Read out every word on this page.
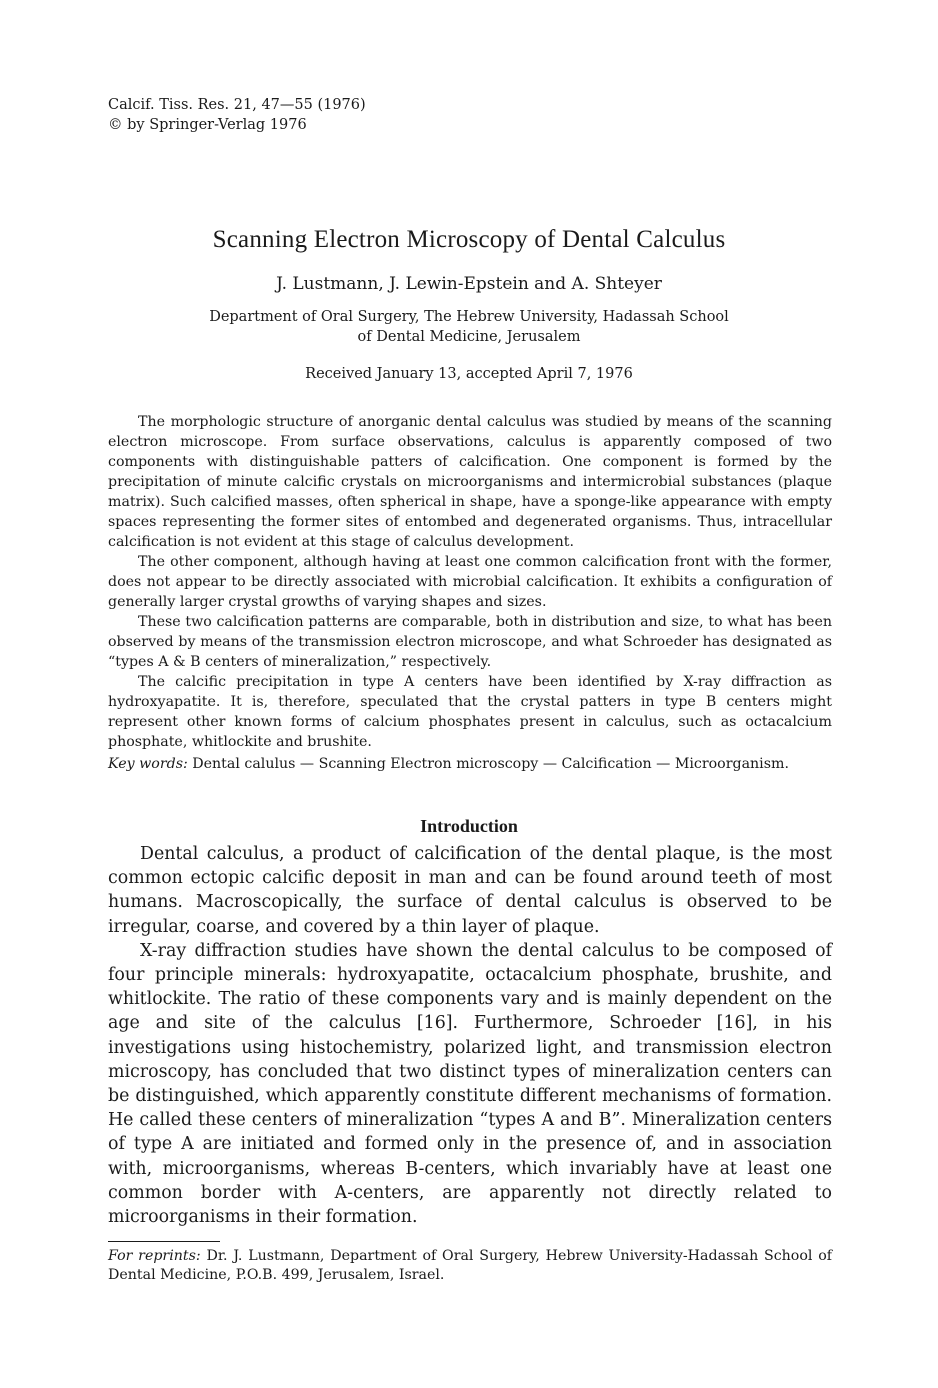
Calcif. Tiss. Res. 21, 47—55 (1976)
© by Springer-Verlag 1976
Scanning Electron Microscopy of Dental Calculus
J. Lustmann, J. Lewin-Epstein and A. Shteyer
Department of Oral Surgery, The Hebrew University, Hadassah School
of Dental Medicine, Jerusalem
Received January 13, accepted April 7, 1976

The morphologic structure of anorganic dental calculus was studied by means of the scanning electron microscope. From surface observations, calculus is apparently composed of two components with distinguishable patters of calcification. One component is formed by the precipitation of minute calcific crystals on microorganisms and intermicrobial substances (plaque matrix). Such calcified masses, often spherical in shape, have a sponge-like appearance with empty spaces representing the former sites of entombed and degenerated organisms. Thus, intracellular calcification is not evident at this stage of calculus development.

The other component, although having at least one common calcification front with the former, does not appear to be directly associated with microbial calcification. It exhibits a configuration of generally larger crystal growths of varying shapes and sizes.

These two calcification patterns are comparable, both in distribution and size, to what has been observed by means of the transmission electron microscope, and what Schroeder has designated as “types A & B centers of mineralization,” respectively.

The calcific precipitation in type A centers have been identified by X-ray diffraction as hydroxyapatite. It is, therefore, speculated that the crystal patters in type B centers might represent other known forms of calcium phosphates present in calculus, such as octacalcium phosphate, whitlockite and brushite.

Key words: Dental calulus — Scanning Electron microscopy — Calcification — Microorganism.
Introduction

Dental calculus, a product of calcification of the dental plaque, is the most common ectopic calcific deposit in man and can be found around teeth of most humans. Macroscopically, the surface of dental calculus is observed to be irregular, coarse, and covered by a thin layer of plaque.

X-ray diffraction studies have shown the dental calculus to be composed of four principle minerals: hydroxyapatite, octacalcium phosphate, brushite, and whitlockite. The ratio of these components vary and is mainly dependent on the age and site of the calculus [16]. Furthermore, Schroeder [16], in his investigations using histochemistry, polarized light, and transmission electron microscopy, has concluded that two distinct types of mineralization centers can be distinguished, which apparently constitute different mechanisms of formation. He called these centers of mineralization “types A and B”. Mineralization centers of type A are initiated and formed only in the presence of, and in association with, microorganisms, whereas B-centers, which invariably have at least one common border with A-centers, are apparently not directly related to microorganisms in their formation.

For reprints: Dr. J. Lustmann, Department of Oral Surgery, Hebrew University-Hadassah School of Dental Medicine, P.O.B. 499, Jerusalem, Israel.
